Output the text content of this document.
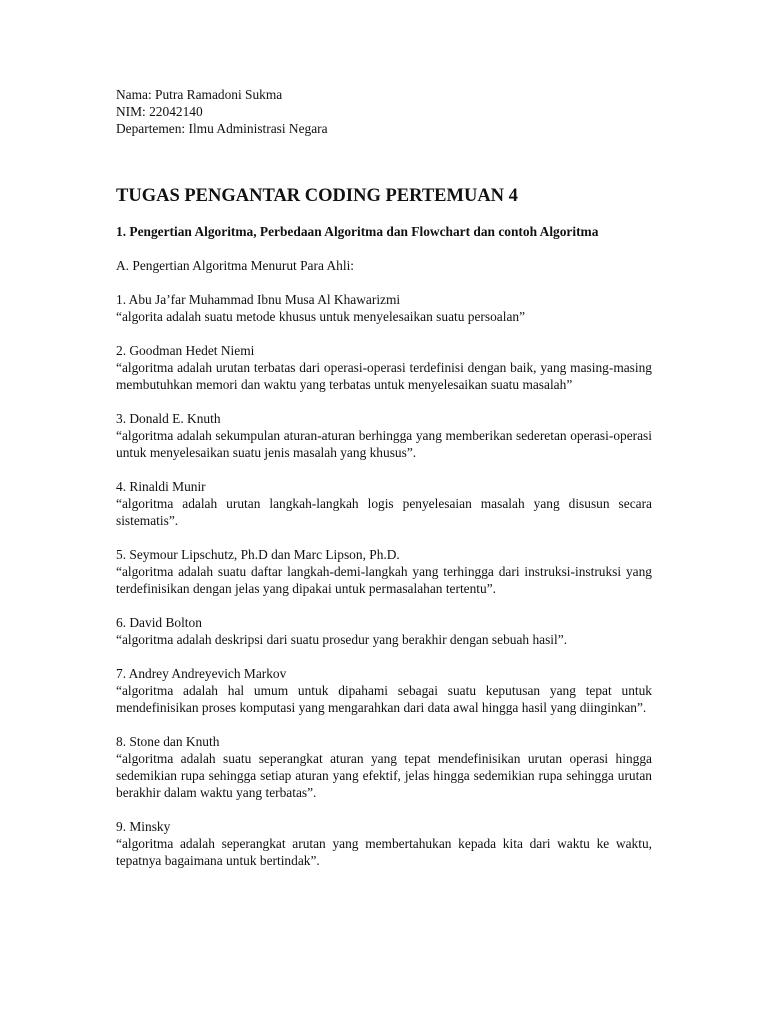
Nama: Putra Ramadoni Sukma

NIM: 22042140

Departemen: Ilmu Administrasi Negara

TUGAS PENGANTAR CODING PERTEMUAN 4

1. Pengertian Algoritma, Perbedaan Algoritma dan Flowchart dan contoh Algoritma

A. Pengertian Algoritma Menurut Para Ahli:

1. Abu Ja’far Muhammad Ibnu Musa Al Khawarizmi

“algorita adalah suatu metode khusus untuk menyelesaikan suatu persoalan”

2. Goodman Hedet Niemi

“algoritma adalah urutan terbatas dari operasi-operasi terdefinisi dengan baik, yang masing-masing membutuhkan memori dan waktu yang terbatas untuk menyelesaikan suatu masalah”

3. Donald E. Knuth

“algoritma adalah sekumpulan aturan-aturan berhingga yang memberikan sederetan operasi-operasi untuk menyelesaikan suatu jenis masalah yang khusus”.

4. Rinaldi Munir

“algoritma adalah urutan langkah-langkah logis penyelesaian masalah yang disusun secara sistematis”.

5. Seymour Lipschutz, Ph.D dan Marc Lipson, Ph.D.

“algoritma adalah suatu daftar langkah-demi-langkah yang terhingga dari instruksi-instruksi yang terdefinisikan dengan jelas yang dipakai untuk permasalahan tertentu”.

6. David Bolton

“algoritma adalah deskripsi dari suatu prosedur yang berakhir dengan sebuah hasil”.

7. Andrey Andreyevich Markov

“algoritma adalah hal umum untuk dipahami sebagai suatu keputusan yang tepat untuk mendefinisikan proses komputasi yang mengarahkan dari data awal hingga hasil yang diinginkan”.

8. Stone dan Knuth

“algoritma adalah suatu seperangkat aturan yang tepat mendefinisikan urutan operasi hingga sedemikian rupa sehingga setiap aturan yang efektif, jelas hingga sedemikian rupa sehingga urutan berakhir dalam waktu yang terbatas”.

9. Minsky

“algoritma adalah seperangkat arutan yang membertahukan kepada kita dari waktu ke waktu, tepatnya bagaimana untuk bertindak”.
